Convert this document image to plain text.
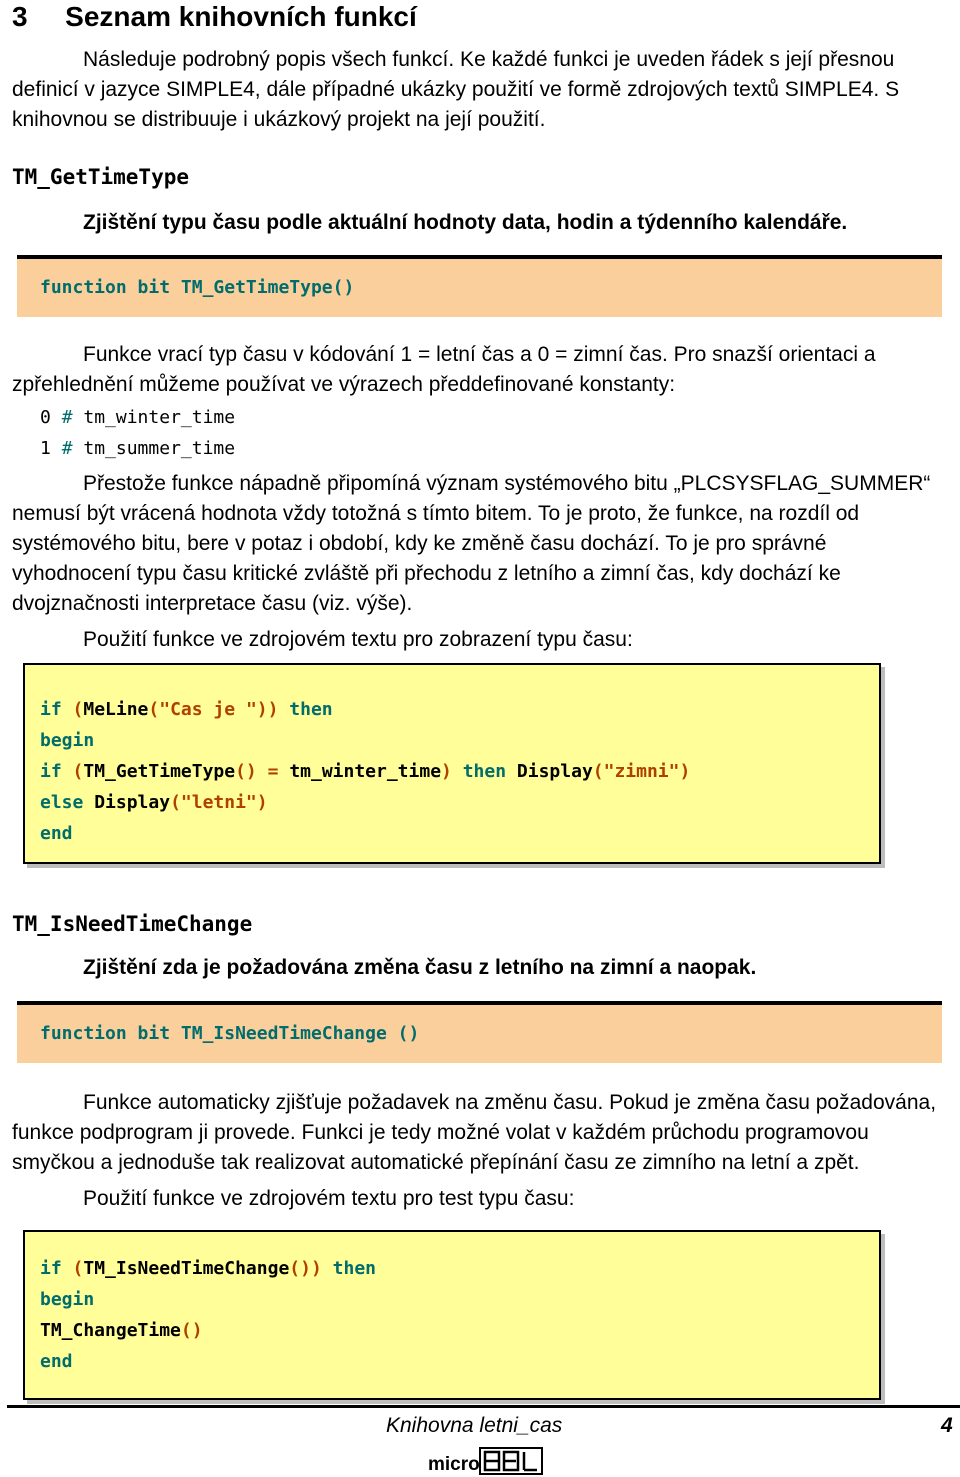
3 Seznam knihovních funkcí
Následuje podrobný popis všech funkcí. Ke každé funkci je uveden řádek s její přesnou
definicí v jazyce SIMPLE4, dále případné ukázky použití ve formě zdrojových textů SIMPLE4. S
knihovnou se distribuuje i ukázkový projekt na její použití.
TM_GetTimeType
Zjištění typu času podle aktuální hodnoty data, hodin a týdenního kalendáře.
function bit TM_GetTimeType()
Funkce vrací typ času v kódování 1 = letní čas a 0 = zimní čas. Pro snazší orientaci a
zpřehlednění můžeme používat ve výrazech předdefinované konstanty:
0 # tm_winter_time
1 # tm_summer_time
Přestože funkce nápadně připomíná význam systémového bitu „PLCSYSFLAG_SUMMER“
nemusí být vrácená hodnota vždy totožná s tímto bitem. To je proto, že funkce, na rozdíl od
systémového bitu, bere v potaz i období, kdy ke změně času dochází. To je pro správné
vyhodnocení typu času kritické zvláště při přechodu z letního a zimní čas, kdy dochází ke
dvojznačnosti interpretace času (viz. výše).
Použití funkce ve zdrojovém textu pro zobrazení typu času:
if (MeLine("Cas je ")) then
begin
if (TM_GetTimeType() = tm_winter_time) then Display("zimni")
else Display("letni")
end
TM_IsNeedTimeChange
Zjištění zda je požadována změna času z letního na zimní a naopak.
function bit TM_IsNeedTimeChange ()
Funkce automaticky zjišťuje požadavek na změnu času. Pokud je změna času požadována,
funkce podprogram ji provede. Funkci je tedy možné volat v každém průchodu programovou
smyčkou a jednoduše tak realizovat automatické přepínání času ze zimního na letní a zpět.
Použití funkce ve zdrojovém textu pro test typu času:
if (TM_IsNeedTimeChange()) then
begin
TM_ChangeTime()
end
Knihovna letni_cas	4
micro
